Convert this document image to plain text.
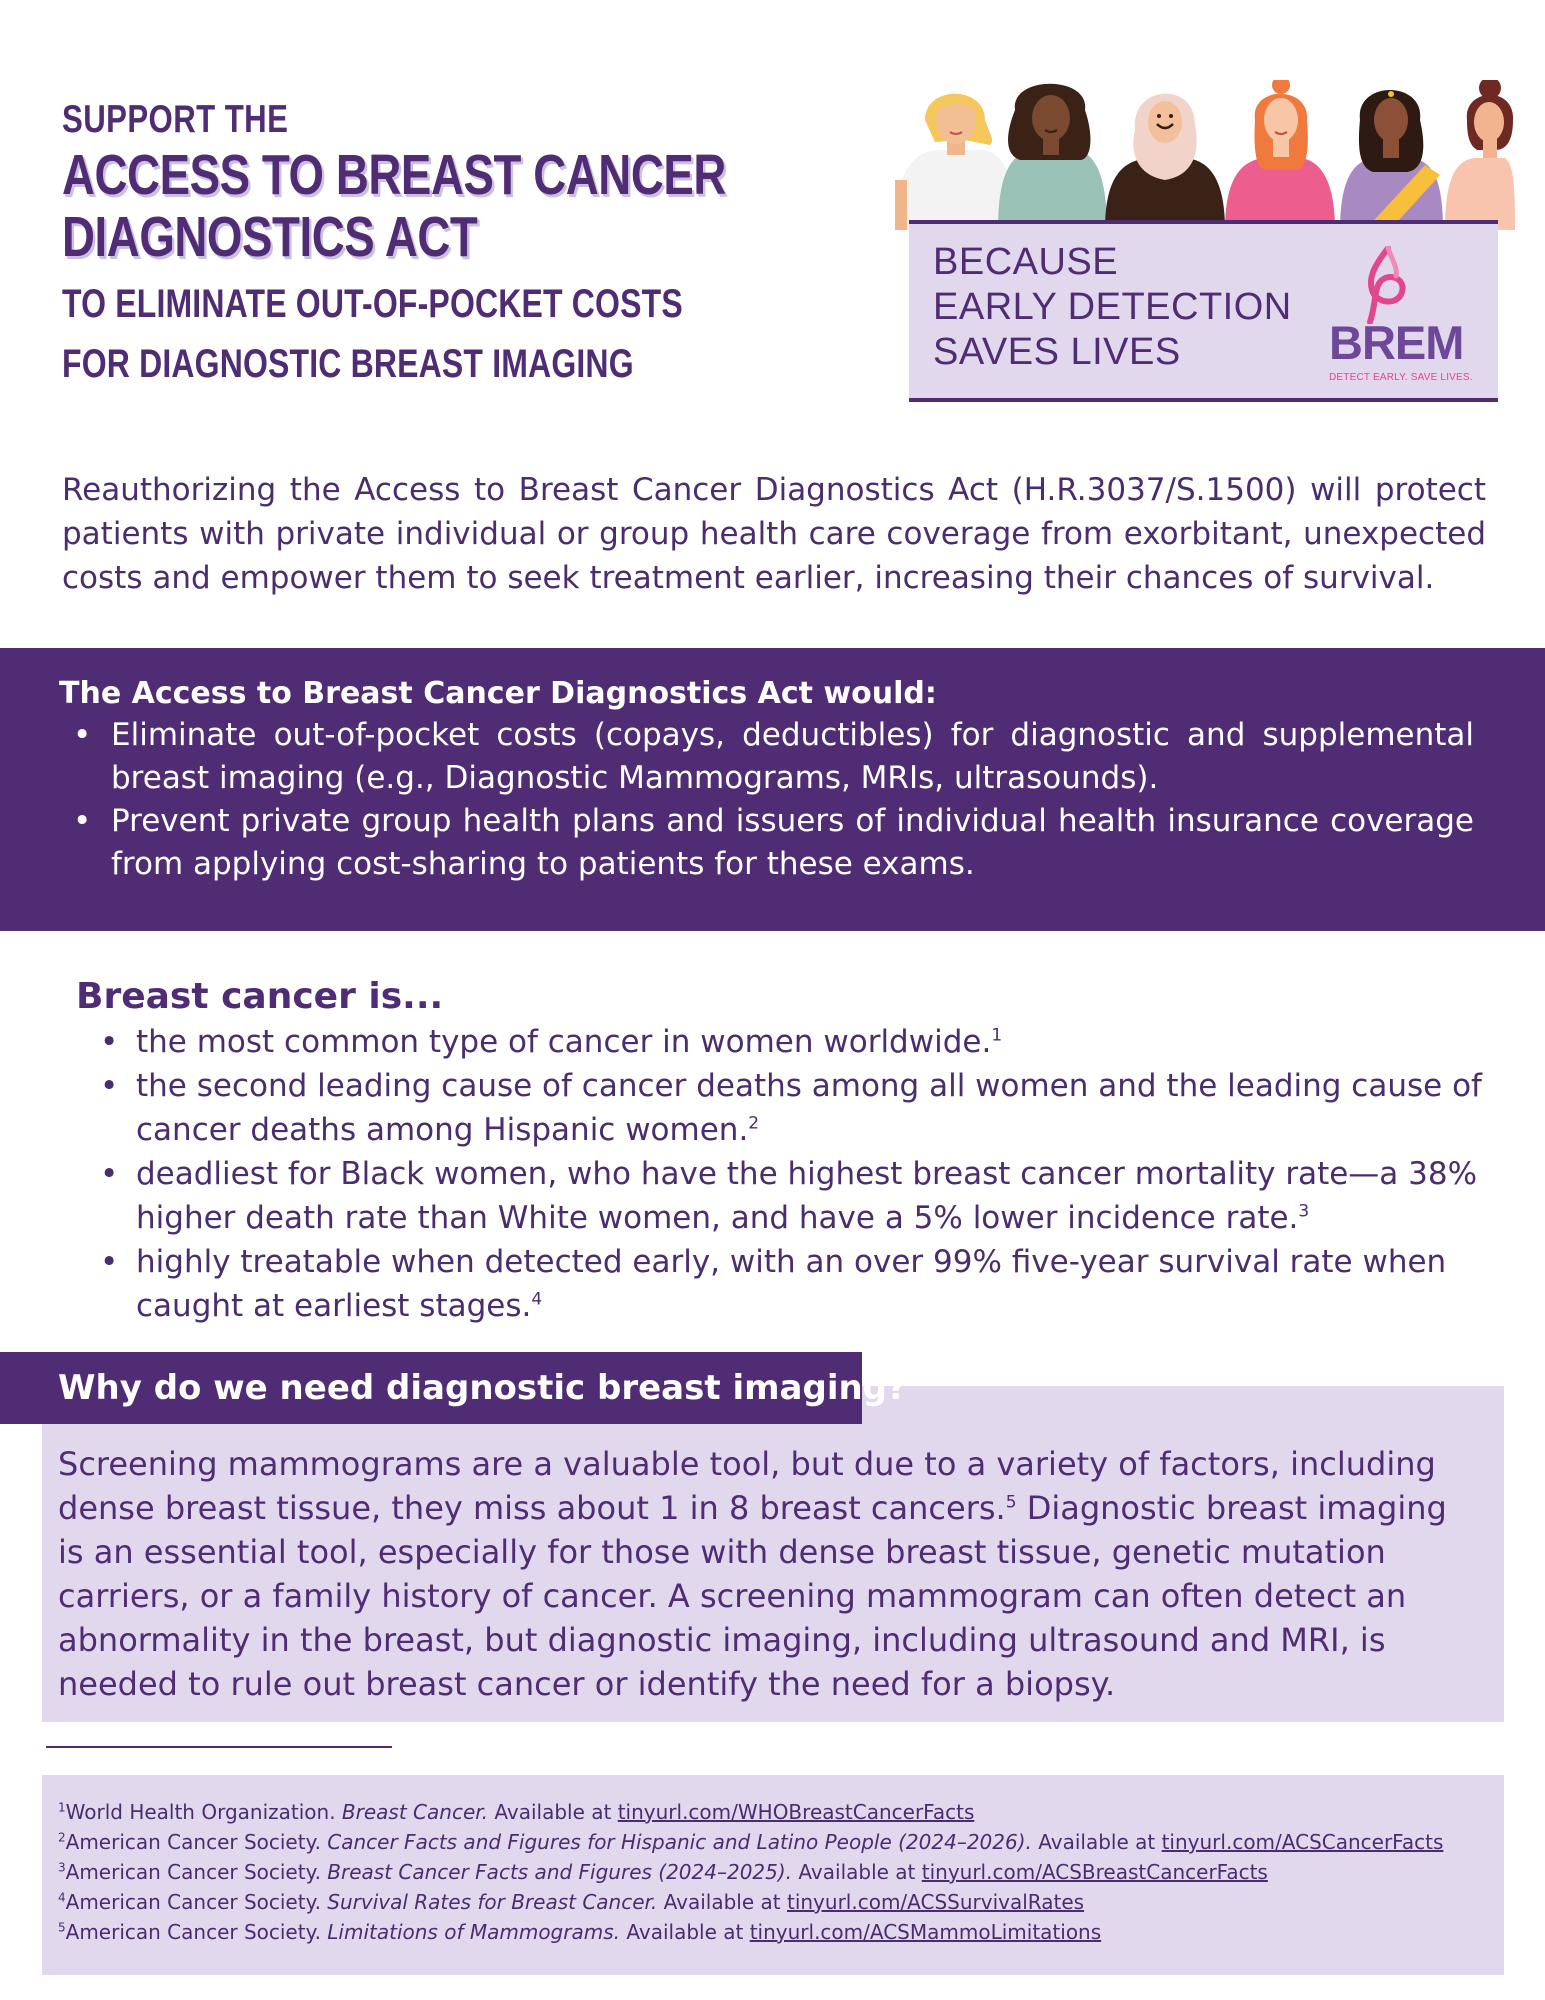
SUPPORT THE
ACCESS TO BREAST CANCER
DIAGNOSTICS ACT
TO ELIMINATE OUT-OF-POCKET COSTS
FOR DIAGNOSTIC BREAST IMAGING
BECAUSE
EARLY DETECTION
SAVES LIVES	BREM
DETECT EARLY. SAVE LIVES.

Reauthorizing the Access to Breast Cancer Diagnostics Act (H.R.3037/S.1500) will protect patients with private individual or group health care coverage from exorbitant, unexpected costs and empower them to seek treatment earlier, increasing their chances of survival.

The Access to Breast Cancer Diagnostics Act would:
• Eliminate out-of-pocket costs (copays, deductibles) for diagnostic and supplemental breast imaging (e.g., Diagnostic Mammograms, MRIs, ultrasounds).
• Prevent private group health plans and issuers of individual health insurance coverage from applying cost-sharing to patients for these exams.
Breast cancer is...
• the most common type of cancer in women worldwide.$^1$
• the second leading cause of cancer deaths among all women and the leading cause of cancer deaths among Hispanic women.$^2$
• deadliest for Black women, who have the highest breast cancer mortality rate—a 38% higher death rate than White women, and have a 5% lower incidence rate.$^3$
• highly treatable when detected early, with an over 99% five-year survival rate when caught at earliest stages.$^4$
Why do we need diagnostic breast imaging?

Screening mammograms are a valuable tool, but due to a variety of factors, including dense breast tissue, they miss about 1 in 8 breast cancers.$^5$ Diagnostic breast imaging is an essential tool, especially for those with dense breast tissue, genetic mutation carriers, or a family history of cancer. A screening mammogram can often detect an abnormality in the breast, but diagnostic imaging, including ultrasound and MRI, is needed to rule out breast cancer or identify the need for a biopsy.

$^1$World Health Organization. Breast Cancer. Available at tinyurl.com/WHOBreastCancerFacts
$^2$American Cancer Society. Cancer Facts and Figures for Hispanic and Latino People (2024–2026). Available at tinyurl.com/ACSCancerFacts
$^3$American Cancer Society. Breast Cancer Facts and Figures (2024–2025). Available at tinyurl.com/ACSBreastCancerFacts
$^4$American Cancer Society. Survival Rates for Breast Cancer. Available at tinyurl.com/ACSSurvivalRates
$^5$American Cancer Society. Limitations of Mammograms. Available at tinyurl.com/ACSMammoLimitations
